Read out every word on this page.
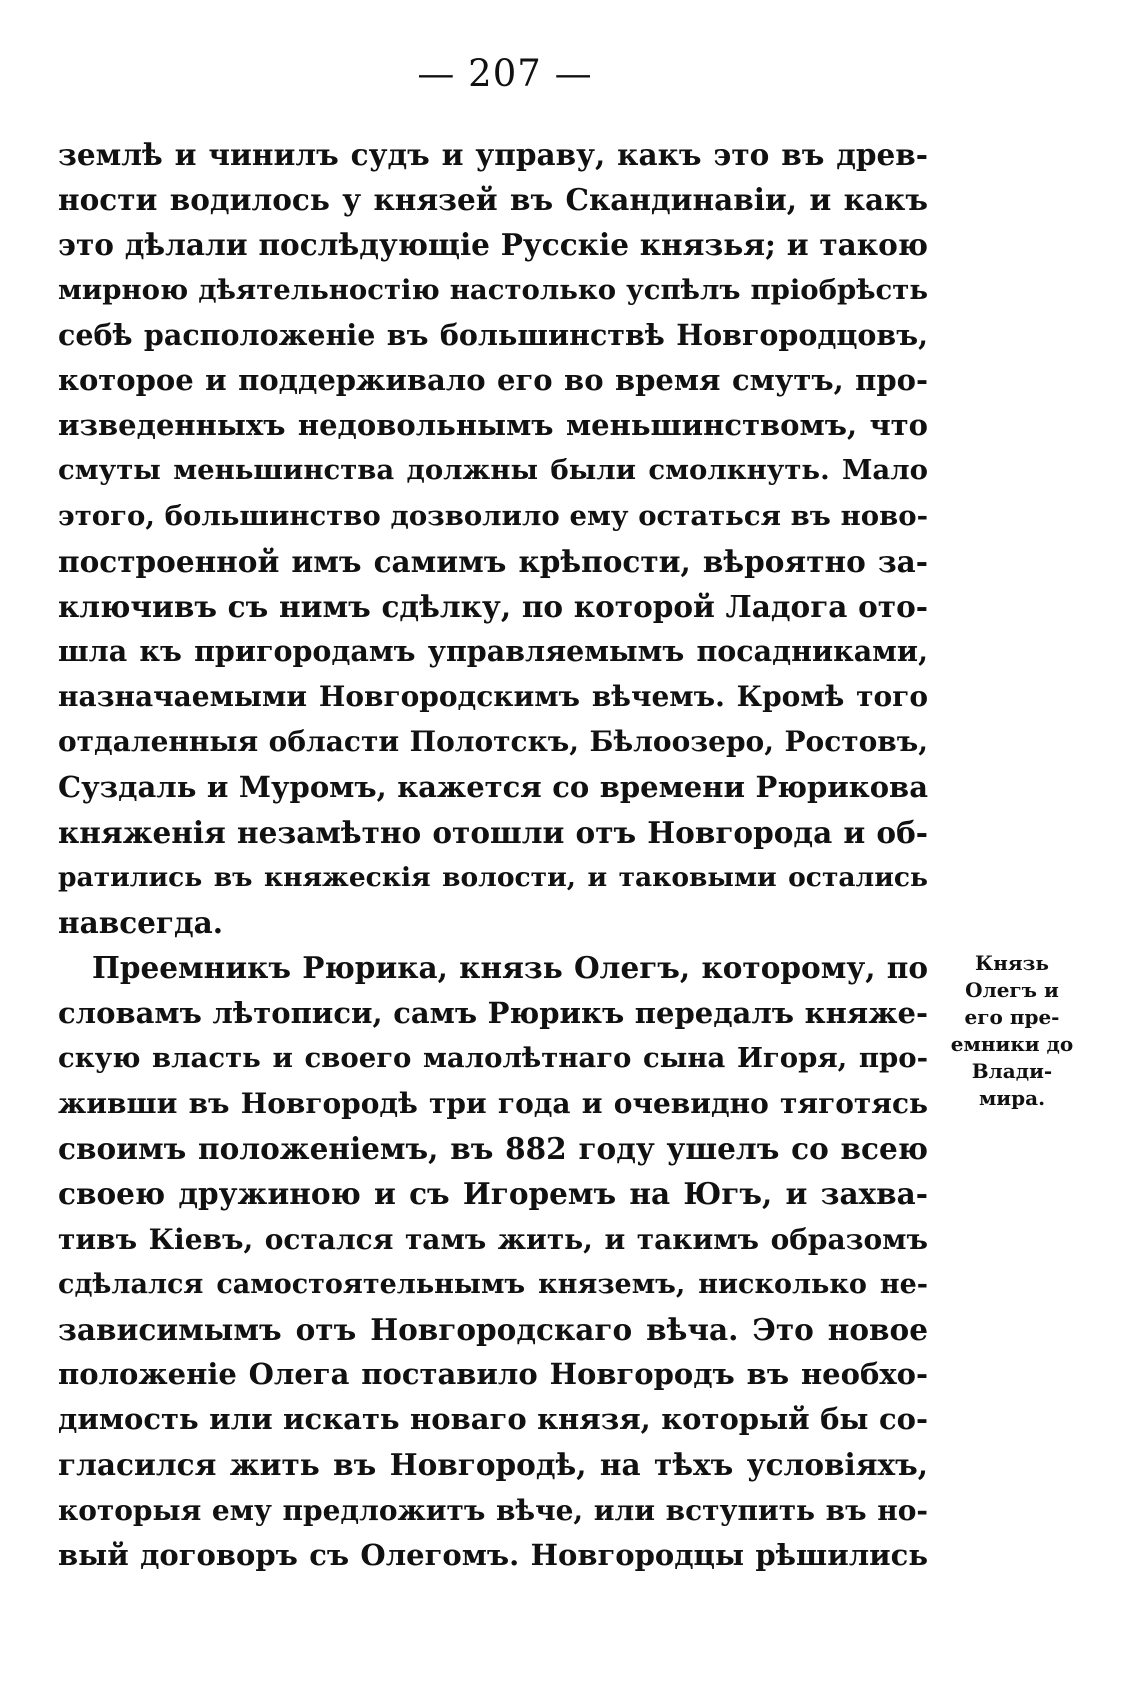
— 207 —
землѣ и чинилъ судъ и управу, какъ это въ древ-
ности водилось у князей въ Скандинавіи, и какъ
это дѣлали послѣдующіе Русскіе князья; и такою
мирною дѣятельностію настолько успѣлъ пріобрѣсть
себѣ расположеніе въ большинствѣ Новгородцовъ,
которое и поддерживало его во время смутъ, про-
изведенныхъ недовольнымъ меньшинствомъ, что
смуты меньшинства должны были смолкнуть. Мало
этого, большинство дозволило ему остаться въ ново-
построенной имъ самимъ крѣпости, вѣроятно за-
ключивъ съ нимъ сдѣлку, по которой Ладога ото-
шла къ пригородамъ управляемымъ посадниками,
назначаемыми Новгородскимъ вѣчемъ. Кромѣ того
отдаленныя области Полотскъ, Бѣлоозеро, Ростовъ,
Суздаль и Муромъ, кажется со времени Рюрикова
княженія незамѣтно отошли отъ Новгорода и об-
ратились въ княжескія волости, и таковыми остались
навсегда.
Преемникъ Рюрика, князь Олегъ, которому, по
словамъ лѣтописи, самъ Рюрикъ передалъ княже-
скую власть и своего малолѣтнаго сына Игоря, про-
живши въ Новгородѣ три года и очевидно тяготясь
своимъ положеніемъ, въ 882 году ушелъ со всею
своею дружиною и съ Игоремъ на Югъ, и захва-
тивъ Кіевъ, остался тамъ жить, и такимъ образомъ
сдѣлался самостоятельнымъ княземъ, нисколько не-
зависимымъ отъ Новгородскаго вѣча. Это новое
положеніе Олега поставило Новгородъ въ необхо-
димость или искать новаго князя, который бы со-
гласился жить въ Новгородѣ, на тѣхъ условіяхъ,
которыя ему предложитъ вѣче, или вступить въ но-
вый договоръ съ Олегомъ. Новгородцы рѣшились
Князь
Олегъ и
его пре-
емники до
Влади-
мира.
